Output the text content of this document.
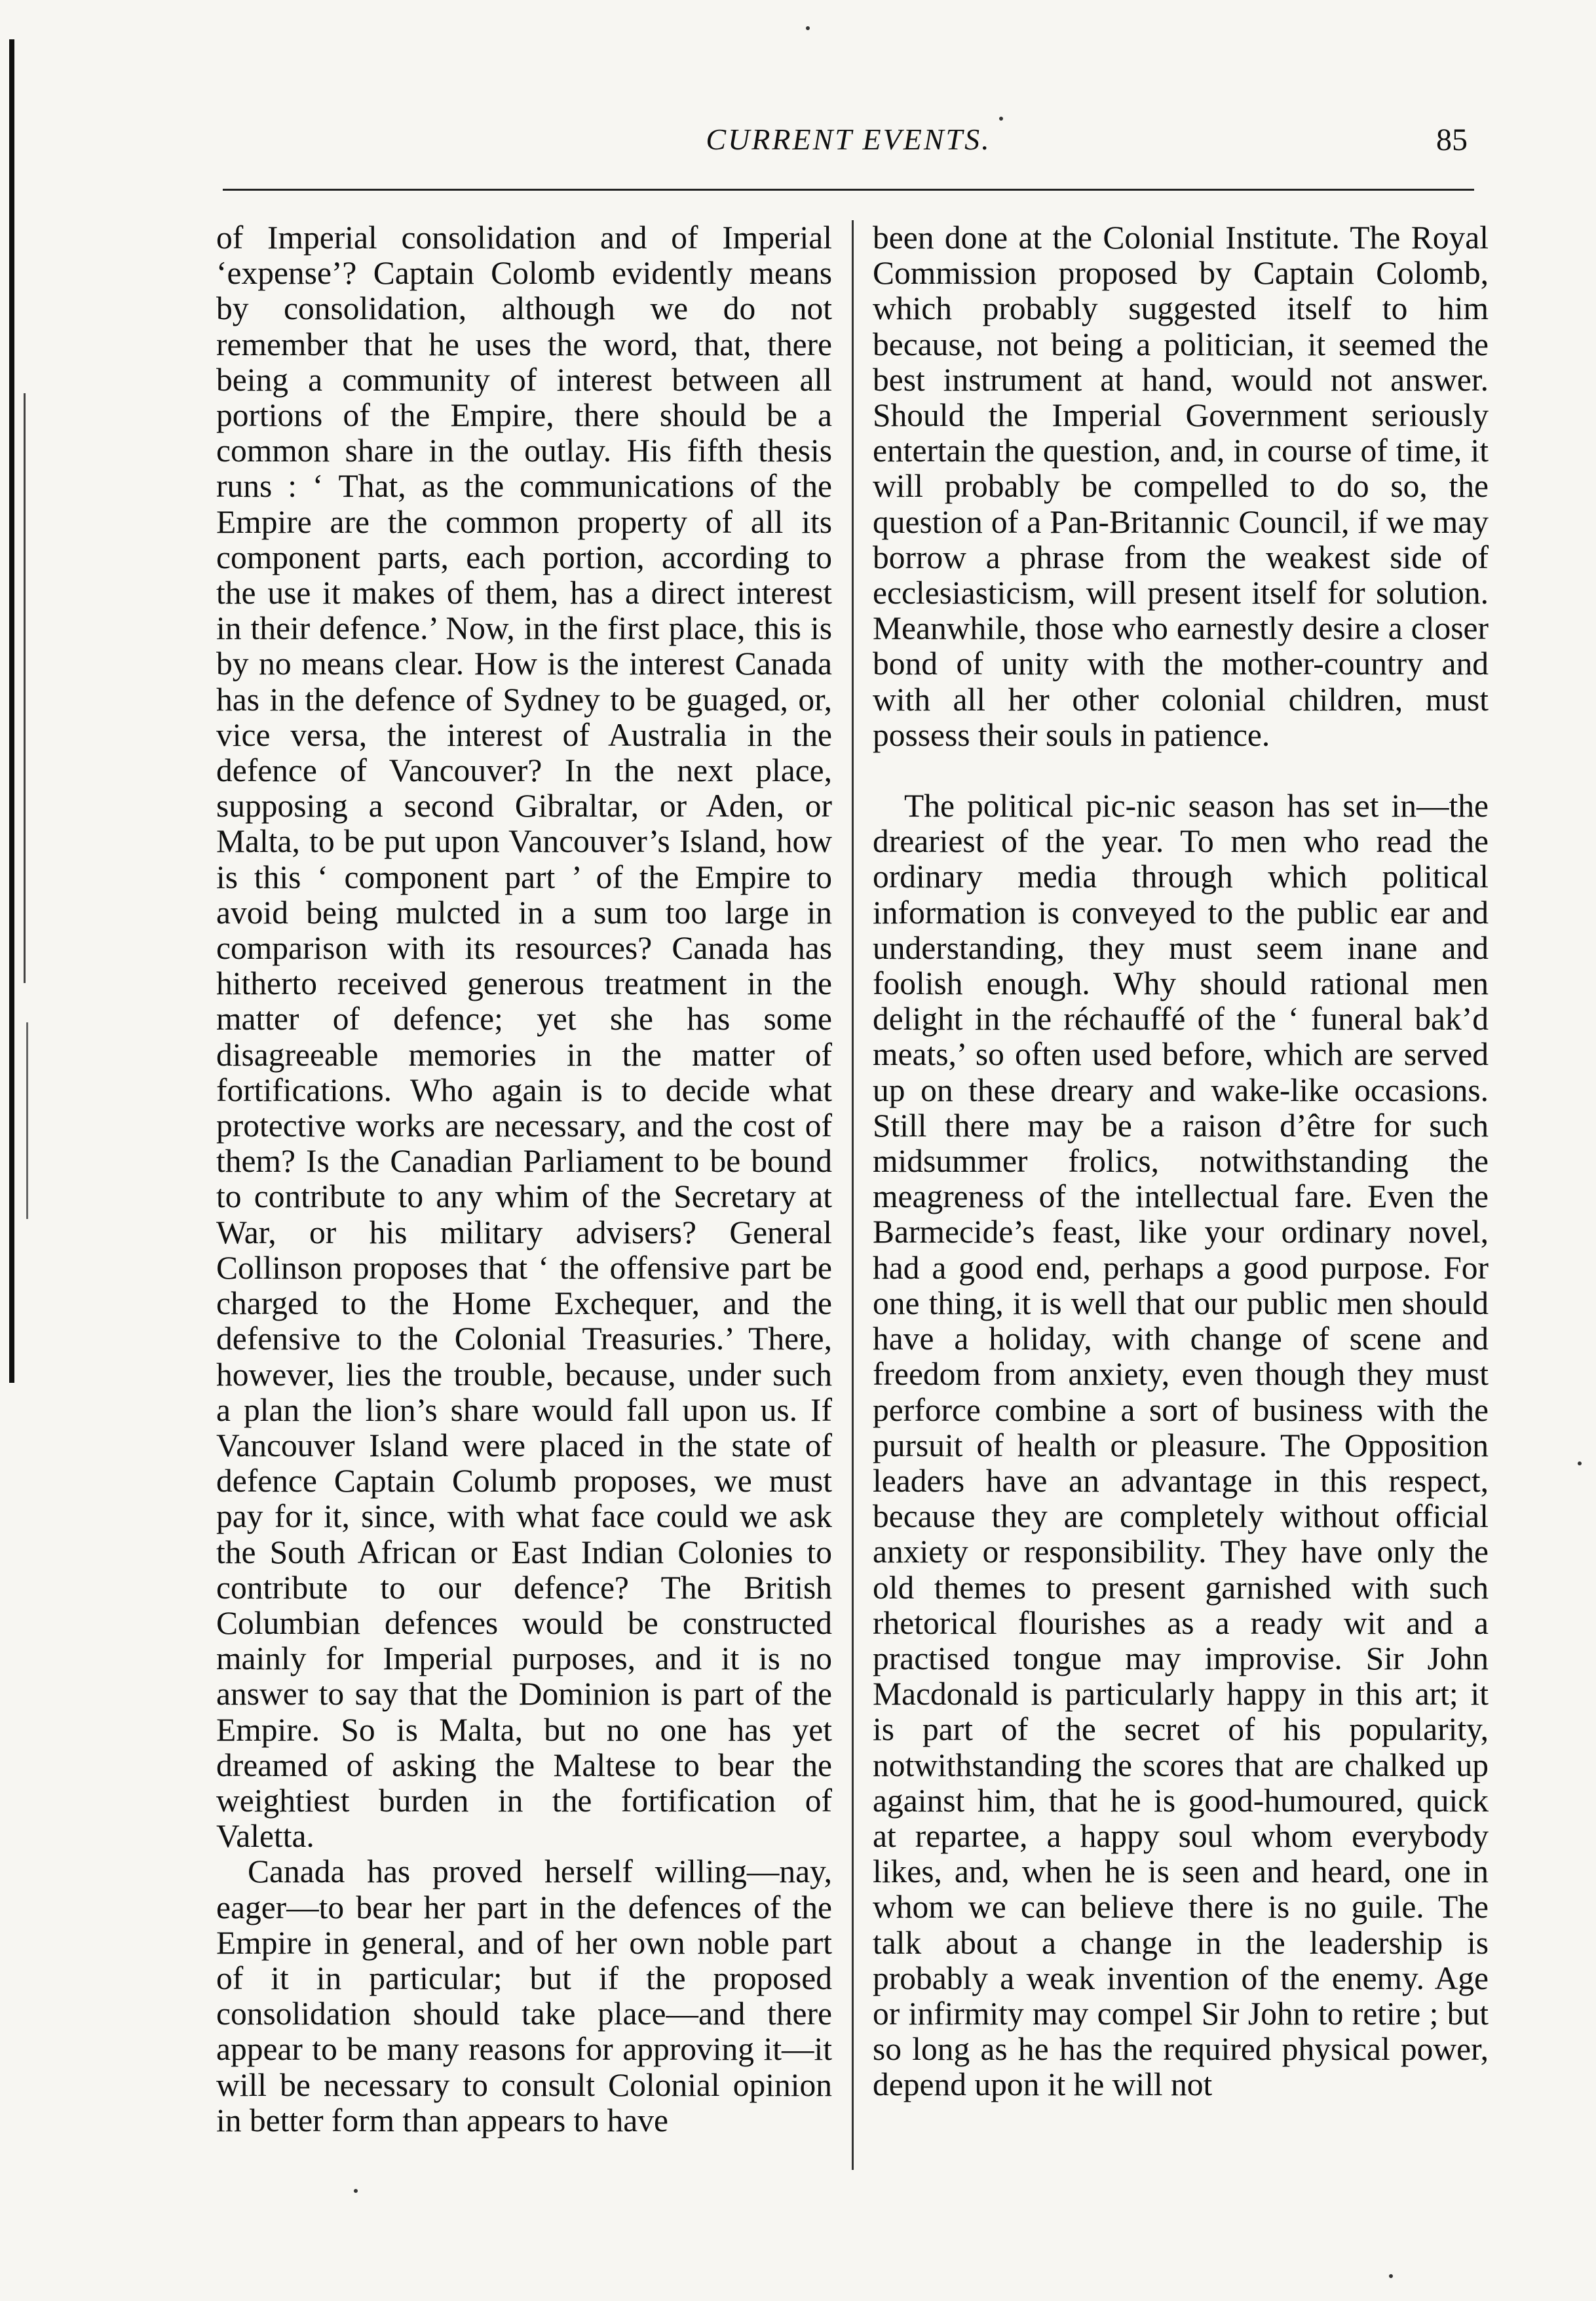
CURRENT EVENTS.	85

of Imperial consolidation and of Imperial ‘expense’? Captain Colomb evidently means by consolidation, although we do not remember that he uses the word, that, there being a community of interest between all portions of the Empire, there should be a common share in the outlay. His fifth thesis runs : ‘ That, as the communications of the Empire are the common property of all its component parts, each portion, according to the use it makes of them, has a direct interest in their defence.’ Now, in the first place, this is by no means clear. How is the interest Canada has in the defence of Sydney to be guaged, or, vice versa, the interest of Australia in the defence of Vancouver? In the next place, supposing a second Gibraltar, or Aden, or Malta, to be put upon Vancouver’s Island, how is this ‘ component part ’ of the Empire to avoid being mulcted in a sum too large in comparison with its resources? Canada has hitherto received generous treatment in the matter of defence; yet she has some disagreeable memories in the matter of fortifications. Who again is to decide what protective works are necessary, and the cost of them? Is the Canadian Parliament to be bound to contribute to any whim of the Secretary at War, or his military advisers? General Collinson proposes that ‘ the offensive part be charged to the Home Exchequer, and the defensive to the Colonial Treasuries.’ There, however, lies the trouble, because, under such a plan the lion’s share would fall upon us. If Vancouver Island were placed in the state of defence Captain Columb proposes, we must pay for it, since, with what face could we ask the South African or East Indian Colonies to contribute to our defence? The British Columbian defences would be constructed mainly for Imperial purposes, and it is no answer to say that the Dominion is part of the Empire. So is Malta, but no one has yet dreamed of asking the Maltese to bear the weightiest burden in the fortification of Valetta.

Canada has proved herself willing—nay, eager—to bear her part in the defences of the Empire in general, and of her own noble part of it in particular; but if the proposed consolidation should take place—and there appear to be many reasons for approving it—it will be necessary to consult Colonial opinion in better form than appears to have

been done at the Colonial Institute. The Royal Commission proposed by Captain Colomb, which probably suggested itself to him because, not being a politician, it seemed the best instrument at hand, would not answer. Should the Imperial Government seriously entertain the question, and, in course of time, it will probably be compelled to do so, the question of a Pan-Britannic Council, if we may borrow a phrase from the weakest side of ecclesiasticism, will present itself for solution. Meanwhile, those who earnestly desire a closer bond of unity with the mother-country and with all her other colonial children, must possess their souls in patience.

The political pic-nic season has set in—the dreariest of the year. To men who read the ordinary media through which political information is conveyed to the public ear and understanding, they must seem inane and foolish enough. Why should rational men delight in the réchauffé of the ‘ funeral bak’d meats,’ so often used before, which are served up on these dreary and wake-like occasions. Still there may be a raison d’être for such midsummer frolics, notwithstanding the meagreness of the intellectual fare. Even the Barmecide’s feast, like your ordinary novel, had a good end, perhaps a good purpose. For one thing, it is well that our public men should have a holiday, with change of scene and freedom from anxiety, even though they must perforce combine a sort of business with the pursuit of health or pleasure. The Opposition leaders have an advantage in this respect, because they are completely without official anxiety or responsibility. They have only the old themes to present garnished with such rhetorical flourishes as a ready wit and a practised tongue may improvise. Sir John Macdonald is particularly happy in this art; it is part of the secret of his popularity, notwithstanding the scores that are chalked up against him, that he is good-humoured, quick at repartee, a happy soul whom everybody likes, and, when he is seen and heard, one in whom we can believe there is no guile. The talk about a change in the leadership is probably a weak invention of the enemy. Age or infirmity may compel Sir John to retire ; but so long as he has the required physical power, depend upon it he will not
